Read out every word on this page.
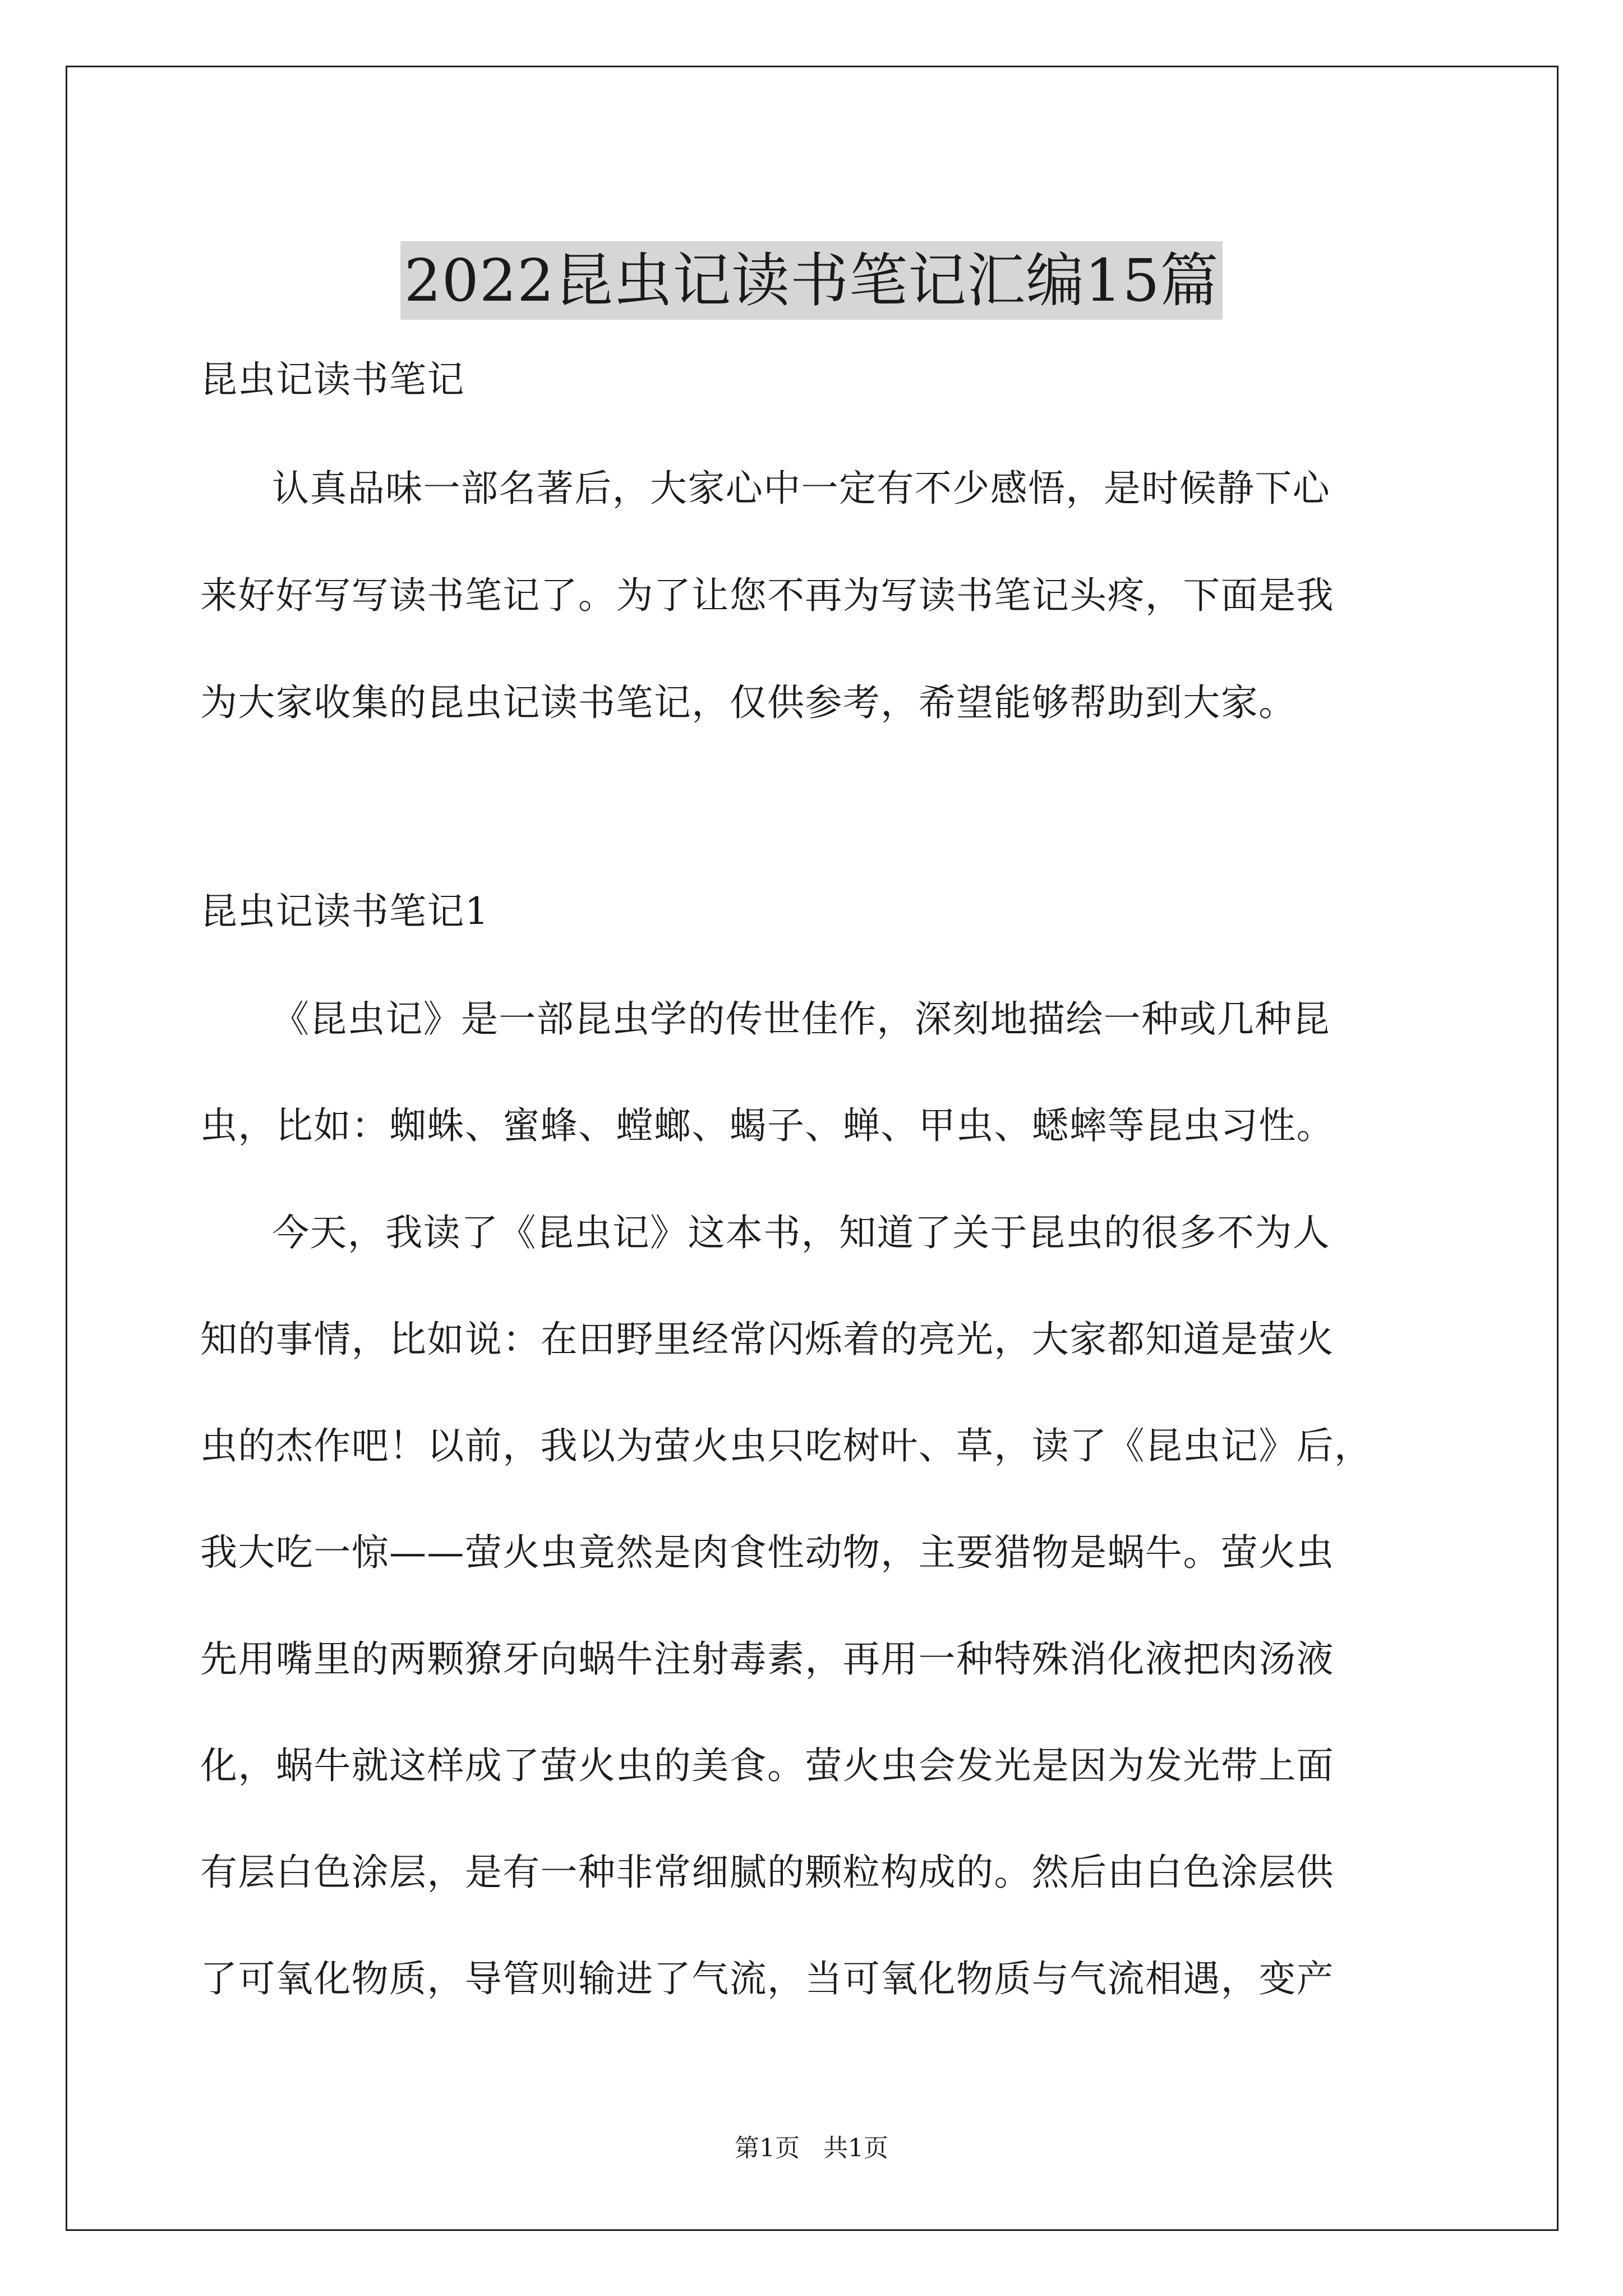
2022昆虫记读书笔记汇编15篇
昆虫记读书笔记
认真品味一部名著后，大家心中一定有不少感悟，是时候静下心
来好好写写读书笔记了。为了让您不再为写读书笔记头疼，下面是我
为大家收集的昆虫记读书笔记，仅供参考，希望能够帮助到大家。
昆虫记读书笔记1
《昆虫记》是一部昆虫学的传世佳作，深刻地描绘一种或几种昆
虫，比如：蜘蛛、蜜蜂、螳螂、蝎子、蝉、甲虫、蟋蟀等昆虫习性。
今天，我读了《昆虫记》这本书，知道了关于昆虫的很多不为人
知的事情，比如说：在田野里经常闪烁着的亮光，大家都知道是萤火
虫的杰作吧！以前，我以为萤火虫只吃树叶、草，读了《昆虫记》后，
我大吃一惊——萤火虫竟然是肉食性动物，主要猎物是蜗牛。萤火虫
先用嘴里的两颗獠牙向蜗牛注射毒素，再用一种特殊消化液把肉汤液
化，蜗牛就这样成了萤火虫的美食。萤火虫会发光是因为发光带上面
有层白色涂层，是有一种非常细腻的颗粒构成的。然后由白色涂层供
了可氧化物质，导管则输进了气流，当可氧化物质与气流相遇，变产
第1页 共1页
